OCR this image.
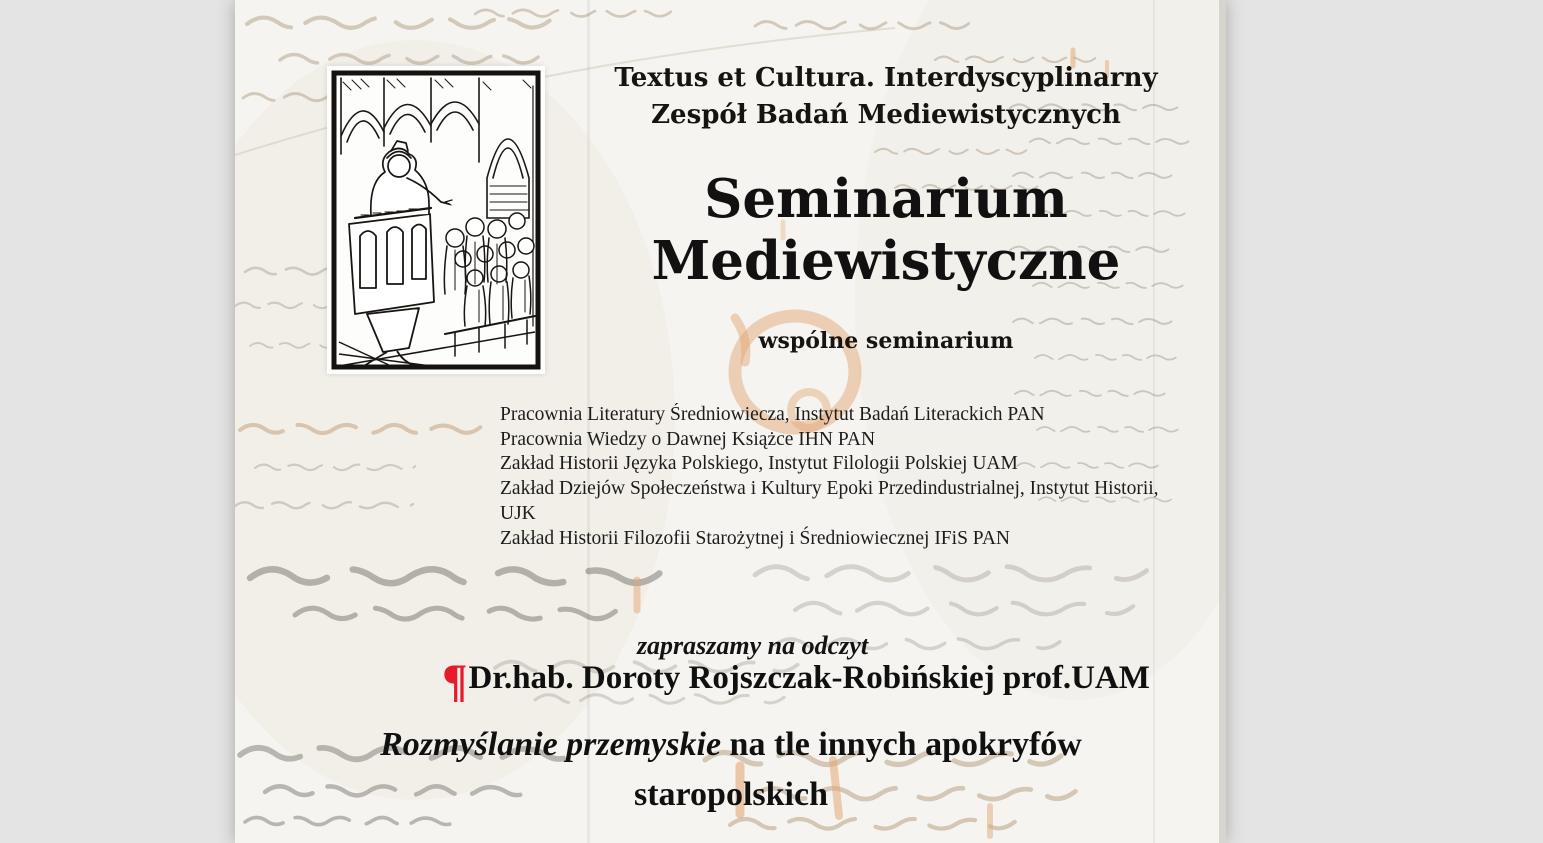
Textus et Cultura. Interdyscyplinarny
Zespół Badań Mediewistycznych
Seminarium Mediewistyczne
wspólne seminarium
Pracownia Literatury Średniowiecza, Instytut Badań Literackich PAN
Pracownia Wiedzy o Dawnej Książce IHN PAN
Zakład Historii Języka Polskiego, Instytut Filologii Polskiej UAM
Zakład Dziejów Społeczeństwa i Kultury Epoki Przedindustrialnej, Instytut Historii,
UJK
Zakład Historii Filozofii Starożytnej i Średniowiecznej IFiS PAN
zapraszamy na odczyt
¶Dr.hab. Doroty Rojszczak-Robińskiej prof.UAM
Rozmyślanie przemyskie na tle innych apokryfów staropolskich
